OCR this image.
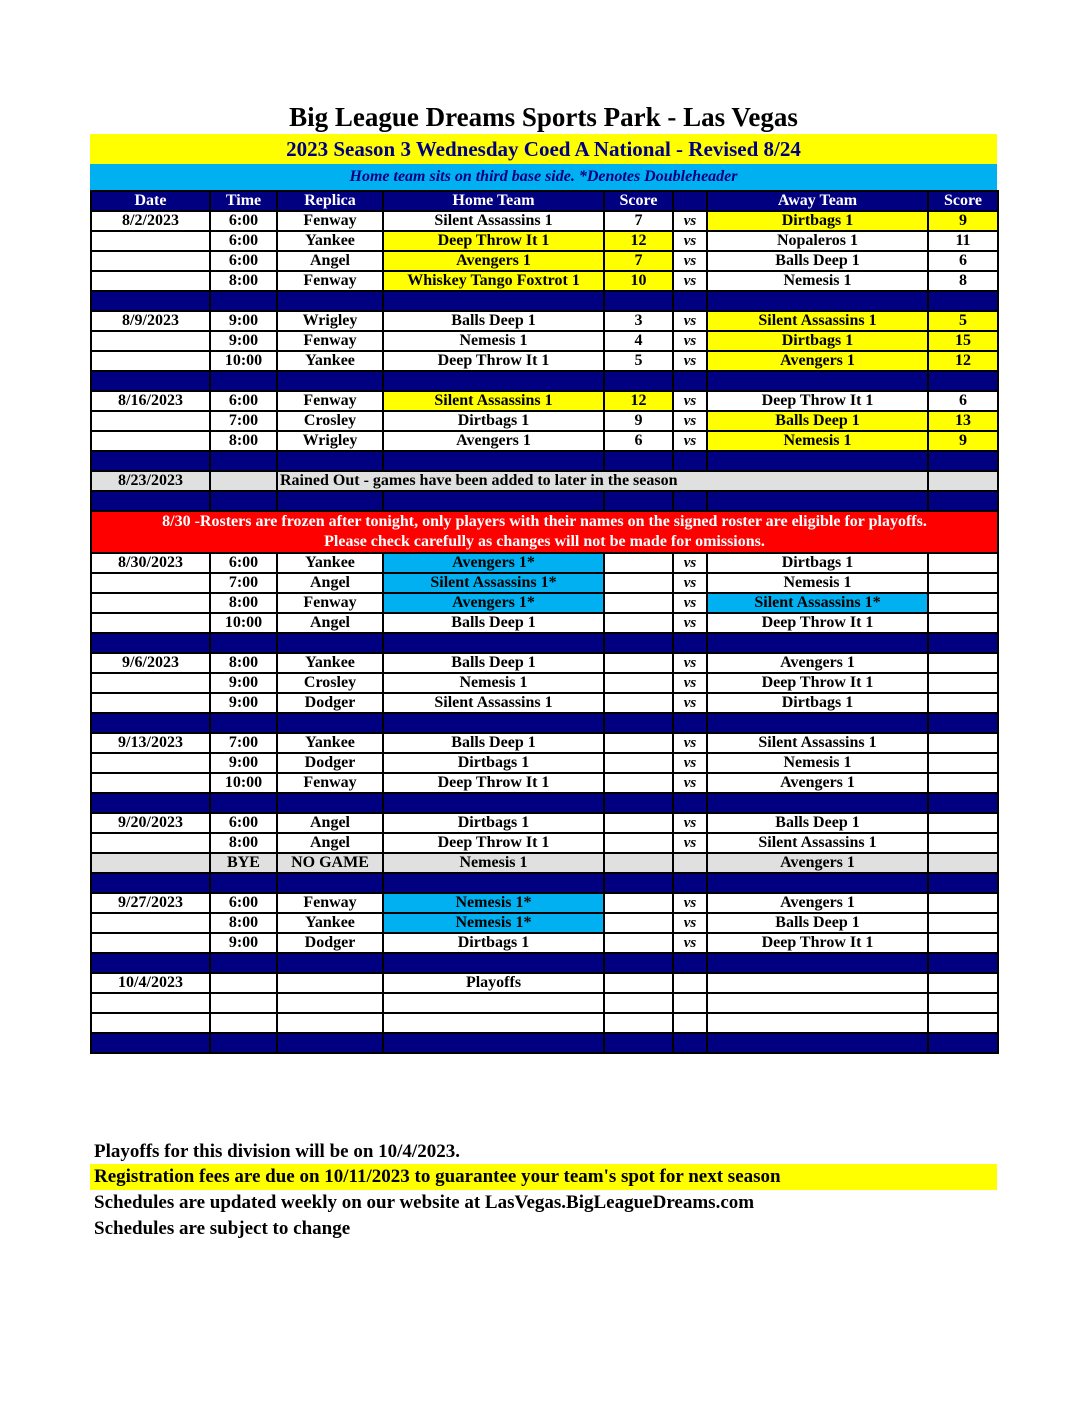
Big League Dreams Sports Park - Las Vegas
2023 Season 3 Wednesday Coed A National - Revised 8/24
Home team sits on third base side. *Denotes Doubleheader
Date	Time	Replica	Home Team	Score		Away Team	Score
8/2/2023	6:00	Fenway	Silent Assassins 1	7	vs	Dirtbags 1	9
	6:00	Yankee	Deep Throw It 1	12	vs	Nopaleros 1	11
	6:00	Angel	Avengers 1	7	vs	Balls Deep 1	6
	8:00	Fenway	Whiskey Tango Foxtrot 1	10	vs	Nemesis 1	8

8/9/2023	9:00	Wrigley	Balls Deep 1	3	vs	Silent Assassins 1	5
	9:00	Fenway	Nemesis 1	4	vs	Dirtbags 1	15
	10:00	Yankee	Deep Throw It 1	5	vs	Avengers 1	12

8/16/2023	6:00	Fenway	Silent Assassins 1	12	vs	Deep Throw It 1	6
	7:00	Crosley	Dirtbags 1	9	vs	Balls Deep 1	13
	8:00	Wrigley	Avengers 1	6	vs	Nemesis 1	9

8/23/2023		Rained Out - games have been added to later in the season					

8/30 -Rosters are frozen after tonight, only players with their names on the signed roster are eligible for playoffs.
Please check carefully as changes will not be made for omissions.							

8/30/2023	6:00	Yankee	Avengers 1*		vs	Dirtbags 1	
	7:00	Angel	Silent Assassins 1*		vs	Nemesis 1	
	8:00	Fenway	Avengers 1*		vs	Silent Assassins 1*	
	10:00	Angel	Balls Deep 1		vs	Deep Throw It 1	

9/6/2023	8:00	Yankee	Balls Deep 1		vs	Avengers 1	
	9:00	Crosley	Nemesis 1		vs	Deep Throw It 1	
	9:00	Dodger	Silent Assassins 1		vs	Dirtbags 1	

9/13/2023	7:00	Yankee	Balls Deep 1		vs	Silent Assassins 1	
	9:00	Dodger	Dirtbags 1		vs	Nemesis 1	
	10:00	Fenway	Deep Throw It 1		vs	Avengers 1	

9/20/2023	6:00	Angel	Dirtbags 1		vs	Balls Deep 1	
	8:00	Angel	Deep Throw It 1		vs	Silent Assassins 1	
	BYE	NO GAME	Nemesis 1			Avengers 1	

9/27/2023	6:00	Fenway	Nemesis 1*		vs	Avengers 1	
	8:00	Yankee	Nemesis 1*		vs	Balls Deep 1	
	9:00	Dodger	Dirtbags 1		vs	Deep Throw It 1	

10/4/2023			Playoffs				

Playoffs for this division will be on 10/4/2023.
Registration fees are due on 10/11/2023 to guarantee your team's spot for next season
Schedules are updated weekly on our website at LasVegas.BigLeagueDreams.com
Schedules are subject to change
